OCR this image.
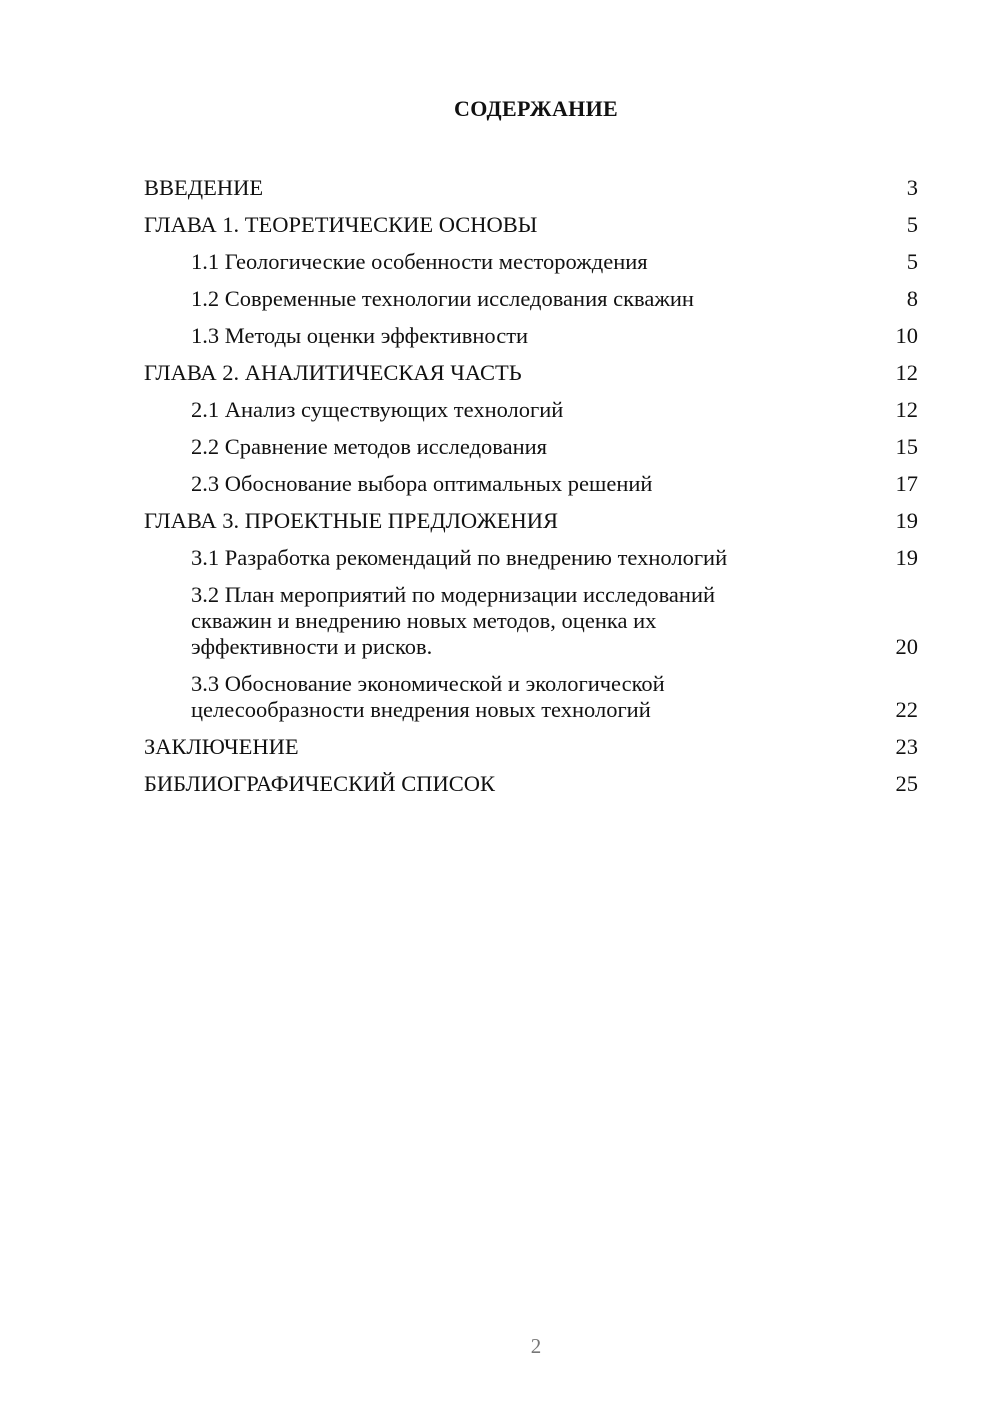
СОДЕРЖАНИЕ
ВВЕДЕНИЕ	3
ГЛАВА 1. ТЕОРЕТИЧЕСКИЕ ОСНОВЫ	5
1.1 Геологические особенности месторождения	5
1.2 Современные технологии исследования скважин	8
1.3 Методы оценки эффективности	10
ГЛАВА 2. АНАЛИТИЧЕСКАЯ ЧАСТЬ	12
2.1 Анализ существующих технологий	12
2.2 Сравнение методов исследования	15
2.3 Обоснование выбора оптимальных решений	17
ГЛАВА 3. ПРОЕКТНЫЕ ПРЕДЛОЖЕНИЯ	19
3.1 Разработка рекомендаций по внедрению технологий	19
3.2 План мероприятий по модернизации исследований скважин и внедрению новых методов, оценка их эффективности и рисков.	20
3.3 Обоснование экономической и экологической целесообразности внедрения новых технологий	22
ЗАКЛЮЧЕНИЕ	23
БИБЛИОГРАФИЧЕСКИЙ СПИСОК	25
2
